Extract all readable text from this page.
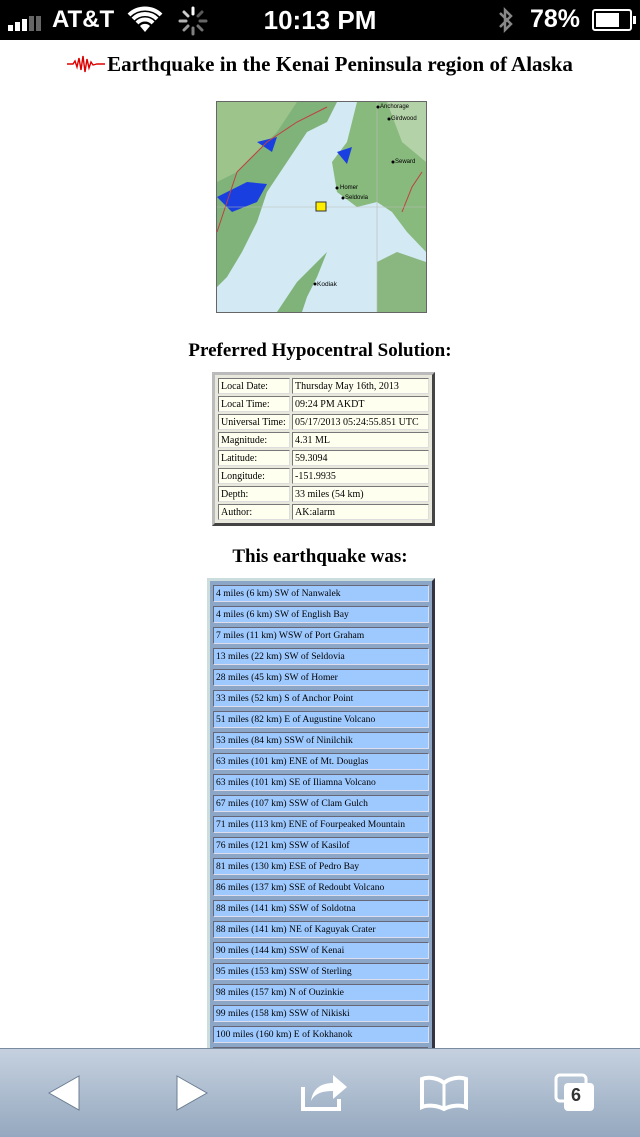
AT&T	10:13 PM	78%
Earthquake in the Kenai Peninsula region of Alaska
Anchorage
Girdwood
Seward
Homer
Seldovia
Kodiak
Preferred Hypocentral Solution:
Local Date:	Thursday May 16th, 2013
Local Time:	09:24 PM AKDT
Universal Time:	05/17/2013 05:24:55.851 UTC
Magnitude:	4.31 ML
Latitude:	59.3094
Longitude:	-151.9935
Depth:	33 miles (54 km)
Author:	AK:alarm
This earthquake was:
4 miles (6 km) SW of Nanwalek
4 miles (6 km) SW of English Bay
7 miles (11 km) WSW of Port Graham
13 miles (22 km) SW of Seldovia
28 miles (45 km) SW of Homer
33 miles (52 km) S of Anchor Point
51 miles (82 km) E of Augustine Volcano
53 miles (84 km) SSW of Ninilchik
63 miles (101 km) ENE of Mt. Douglas
63 miles (101 km) SE of Iliamna Volcano
67 miles (107 km) SSW of Clam Gulch
71 miles (113 km) ENE of Fourpeaked Mountain
76 miles (121 km) SSW of Kasilof
81 miles (130 km) ESE of Pedro Bay
86 miles (137 km) SSE of Redoubt Volcano
88 miles (141 km) SSW of Soldotna
88 miles (141 km) NE of Kaguyak Crater
90 miles (144 km) SSW of Kenai
95 miles (153 km) SSW of Sterling
98 miles (157 km) N of Ouzinkie
99 miles (158 km) SSW of Nikiski
100 miles (160 km) E of Kokhanok
6
